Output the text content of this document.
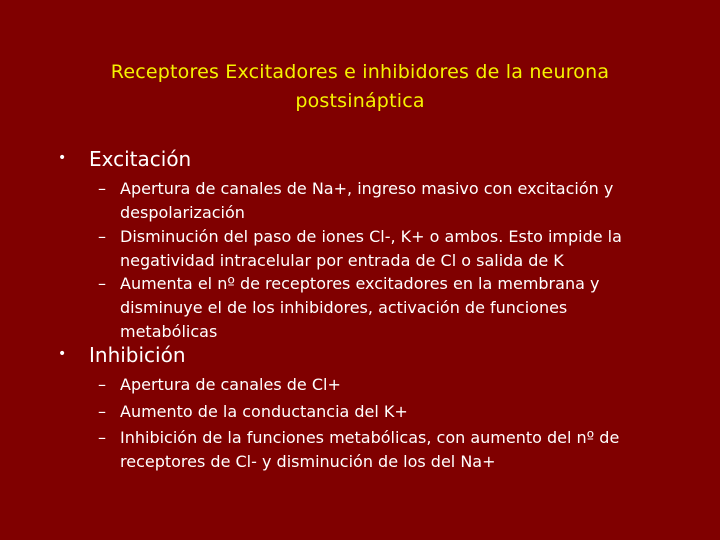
Receptores Excitadores e inhibidores de la neurona
postsináptica
• Excitación
– Apertura de canales de Na+, ingreso masivo con excitación y despolarización
– Disminución del paso de iones Cl-, K+ o ambos. Esto impide la negatividad intracelular por entrada de Cl o salida de K
– Aumenta el nº de receptores excitadores en la membrana y disminuye el de los inhibidores, activación de funciones metabólicas
• Inhibición
– Apertura de canales de Cl+
– Aumento de la conductancia del K+
– Inhibición de la funciones metabólicas, con aumento del nº de receptores de Cl- y disminución de los del Na+
